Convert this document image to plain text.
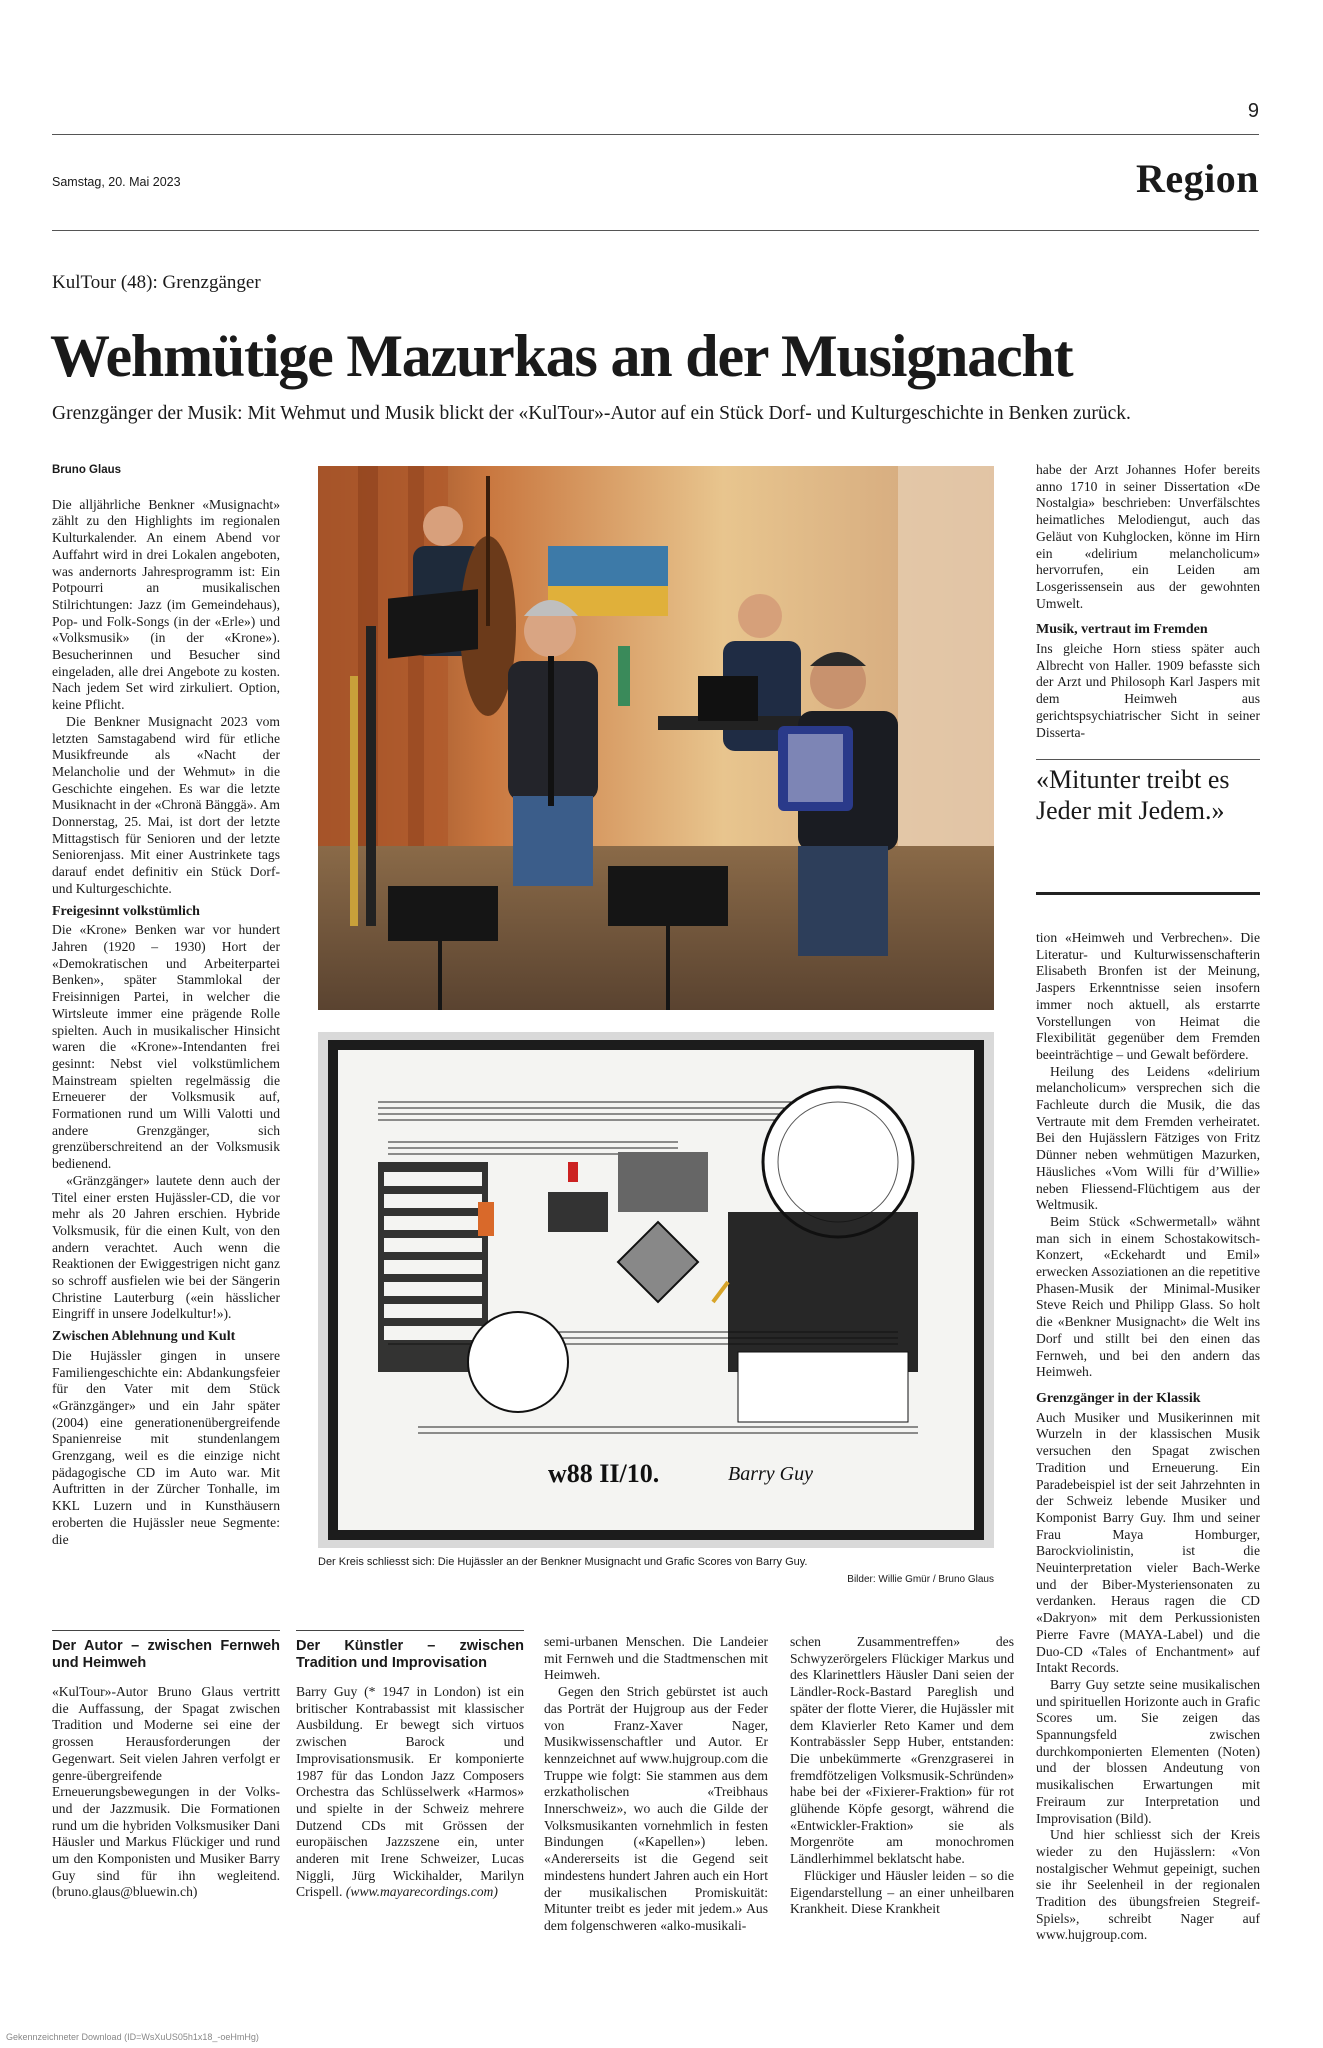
9
Samstag, 20. Mai 2023	Region
KulTour (48): Grenzgänger
Wehmütige Mazurkas an der Musignacht
Grenzgänger der Musik: Mit Wehmut und Musik blickt der «KulTour»-Autor auf ein Stück Dorf- und Kulturgeschichte in Benken zurück.
Bruno Glaus

Die alljährliche Benkner «Musignacht» zählt zu den Highlights im regionalen Kulturkalender. An einem Abend vor Auffahrt wird in drei Lokalen angeboten, was andernorts Jahresprogramm ist: Ein Potpourri an musikalischen Stilrichtungen: Jazz (im Gemeindehaus), Pop- und Folk-Songs (in der «Erle») und «Volksmusik» (in der «Krone»). Besucherinnen und Besucher sind eingeladen, alle drei Angebote zu kosten. Nach jedem Set wird zirkuliert. Option, keine Pflicht.

Die Benkner Musignacht 2023 vom letzten Samstagabend wird für etliche Musikfreunde als «Nacht der Melancholie und der Wehmut» in die Geschichte eingehen. Es war die letzte Musiknacht in der «Chronä Bänggä». Am Donnerstag, 25. Mai, ist dort der letzte Mittagstisch für Senioren und der letzte Seniorenjass. Mit einer Austrinkete tags darauf endet definitiv ein Stück Dorf- und Kulturgeschichte.

Freigesinnt volkstümlich

Die «Krone» Benken war vor hundert Jahren (1920 – 1930) Hort der «Demokratischen und Arbeiterpartei Benken», später Stammlokal der Freisinnigen Partei, in welcher die Wirtsleute immer eine prägende Rolle spielten. Auch in musikalischer Hinsicht waren die «Krone»-Intendanten frei gesinnt: Nebst viel volkstümlichem Mainstream spielten regelmässig die Erneuerer der Volksmusik auf, Formationen rund um Willi Valotti und andere Grenzgänger, sich grenzüberschreitend an der Volksmusik bedienend.

«Gränzgänger» lautete denn auch der Titel einer ersten Hujässler-CD, die vor mehr als 20 Jahren erschien. Hybride Volksmusik, für die einen Kult, von den andern verachtet. Auch wenn die Reaktionen der Ewiggestrigen nicht ganz so schroff ausfielen wie bei der Sängerin Christine Lauterburg («ein hässlicher Eingriff in unsere Jodelkultur!»).

Zwischen Ablehnung und Kult

Die Hujässler gingen in unsere Familiengeschichte ein: Abdankungsfeier für den Vater mit dem Stück «Gränzgänger» und ein Jahr später (2004) eine generationenübergreifende Spanienreise mit stundenlangem Grenzgang, weil es die einzige nicht pädagogische CD im Auto war. Mit Auftritten in der Zürcher Tonhalle, im KKL Luzern und in Kunsthäusern eroberten die Hujässler neue Segmente: die

w88 II/10.	Barry Guy
Der Kreis schliesst sich: Die Hujässler an der Benkner Musignacht und Grafic Scores von Barry Guy.
Bilder: Willie Gmür / Bruno Glaus

habe der Arzt Johannes Hofer bereits anno 1710 in seiner Dissertation «De Nostalgia» beschrieben: Unverfälschtes heimatliches Melodiengut, auch das Geläut von Kuhglocken, könne im Hirn ein «delirium melancholicum» hervorrufen, ein Leiden am Losgerissensein aus der gewohnten Umwelt.

Musik, vertraut im Fremden

Ins gleiche Horn stiess später auch Albrecht von Haller. 1909 befasste sich der Arzt und Philosoph Karl Jaspers mit dem Heimweh aus gerichtspsychiatrischer Sicht in seiner Disserta-

«Mitunter treibt es Jeder mit Jedem.»

tion «Heimweh und Verbrechen». Die Literatur- und Kulturwissenschafterin Elisabeth Bronfen ist der Meinung, Jaspers Erkenntnisse seien insofern immer noch aktuell, als erstarrte Vorstellungen von Heimat die Flexibilität gegenüber dem Fremden beeinträchtige – und Gewalt befördere.

Heilung des Leidens «delirium melancholicum» versprechen sich die Fachleute durch die Musik, die das Vertraute mit dem Fremden verheiratet. Bei den Hujässlern Fätziges von Fritz Dünner neben wehmütigen Mazurken, Häusliches «Vom Willi für d’Willie» neben Fliessend-Flüchtigem aus der Weltmusik.

Beim Stück «Schwermetall» wähnt man sich in einem Schostakowitsch-Konzert, «Eckehardt und Emil» erwecken Assoziationen an die repetitive Phasen-Musik der Minimal-Musiker Steve Reich und Philipp Glass. So holt die «Benkner Musignacht» die Welt ins Dorf und stillt bei den einen das Fernweh, und bei den andern das Heimweh.

Grenzgänger in der Klassik

Auch Musiker und Musikerinnen mit Wurzeln in der klassischen Musik versuchen den Spagat zwischen Tradition und Erneuerung. Ein Paradebeispiel ist der seit Jahrzehnten in der Schweiz lebende Musiker und Komponist Barry Guy. Ihm und seiner Frau Maya Homburger, Barockviolinistin, ist die Neuinterpretation vieler Bach-Werke und der Biber-Mysteriensonaten zu verdanken. Heraus ragen die CD «Dakryon» mit dem Perkussionisten Pierre Favre (MAYA-Label) und die Duo-CD «Tales of Enchantment» auf Intakt Records.

Barry Guy setzte seine musikalischen und spirituellen Horizonte auch in Grafic Scores um. Sie zeigen das Spannungsfeld zwischen durchkomponierten Elementen (Noten) und der blossen Andeutung von musikalischen Erwartungen mit Freiraum zur Interpretation und Improvisation (Bild).

Und hier schliesst sich der Kreis wieder zu den Hujässlern: «Von nostalgischer Wehmut gepeinigt, suchen sie ihr Seelenheil in der regionalen Tradition des übungsfreien Stegreif-Spiels», schreibt Nager auf www.hujgroup.com.

Der Autor – zwischen Fernweh und Heimweh

«KulTour»-Autor Bruno Glaus vertritt die Auffassung, der Spagat zwischen Tradition und Moderne sei eine der grossen Herausforderungen der Gegenwart. Seit vielen Jahren verfolgt er genre-übergreifende Erneuerungsbewegungen in der Volks- und der Jazzmusik. Die Formationen rund um die hybriden Volksmusiker Dani Häusler und Markus Flückiger und rund um den Komponisten und Musiker Barry Guy sind für ihn wegleitend. (bruno.glaus@bluewin.ch)

Der Künstler – zwischen Tradition und Improvisation

Barry Guy (* 1947 in London) ist ein britischer Kontrabassist mit klassischer Ausbildung. Er bewegt sich virtuos zwischen Barock und Improvisationsmusik. Er komponierte 1987 für das London Jazz Composers Orchestra das Schlüsselwerk «Harmos» und spielte in der Schweiz mehrere Dutzend CDs mit Grössen der europäischen Jazzszene ein, unter anderen mit Irene Schweizer, Lucas Niggli, Jürg Wickihalder, Marilyn Crispell. (www.mayarecordings.com)

semi-urbanen Menschen. Die Landeier mit Fernweh und die Stadtmenschen mit Heimweh.

Gegen den Strich gebürstet ist auch das Porträt der Hujgroup aus der Feder von Franz-Xaver Nager, Musikwissenschaftler und Autor. Er kennzeichnet auf www.hujgroup.com die Truppe wie folgt: Sie stammen aus dem erzkatholischen «Treibhaus Innerschweiz», wo auch die Gilde der Volksmusikanten vornehmlich in festen Bindungen («Kapellen») leben. «Andererseits ist die Gegend seit mindestens hundert Jahren auch ein Hort der musikalischen Promiskuität: Mitunter treibt es jeder mit jedem.» Aus dem folgenschweren «alko-musikali-

schen Zusammentreffen» des Schwyzerörgelers Flückiger Markus und des Klarinettlers Häusler Dani seien der Ländler-Rock-Bastard Pareglish und später der flotte Vierer, die Hujässler mit dem Klavierler Reto Kamer und dem Kontrabässler Sepp Huber, entstanden: Die unbekümmerte «Grenzgraserei in fremdfötzeligen Volksmusik-Schründen» habe bei der «Fixierer-Fraktion» für rot glühende Köpfe gesorgt, während die «Entwickler-Fraktion» sie als Morgenröte am monochromen Ländlerhimmel beklatscht habe.

Flückiger und Häusler leiden – so die Eigendarstellung – an einer unheilbaren Krankheit. Diese Krankheit

Gekennzeichneter Download (ID=WsXuUS05h1x18_-oeHmHg)
